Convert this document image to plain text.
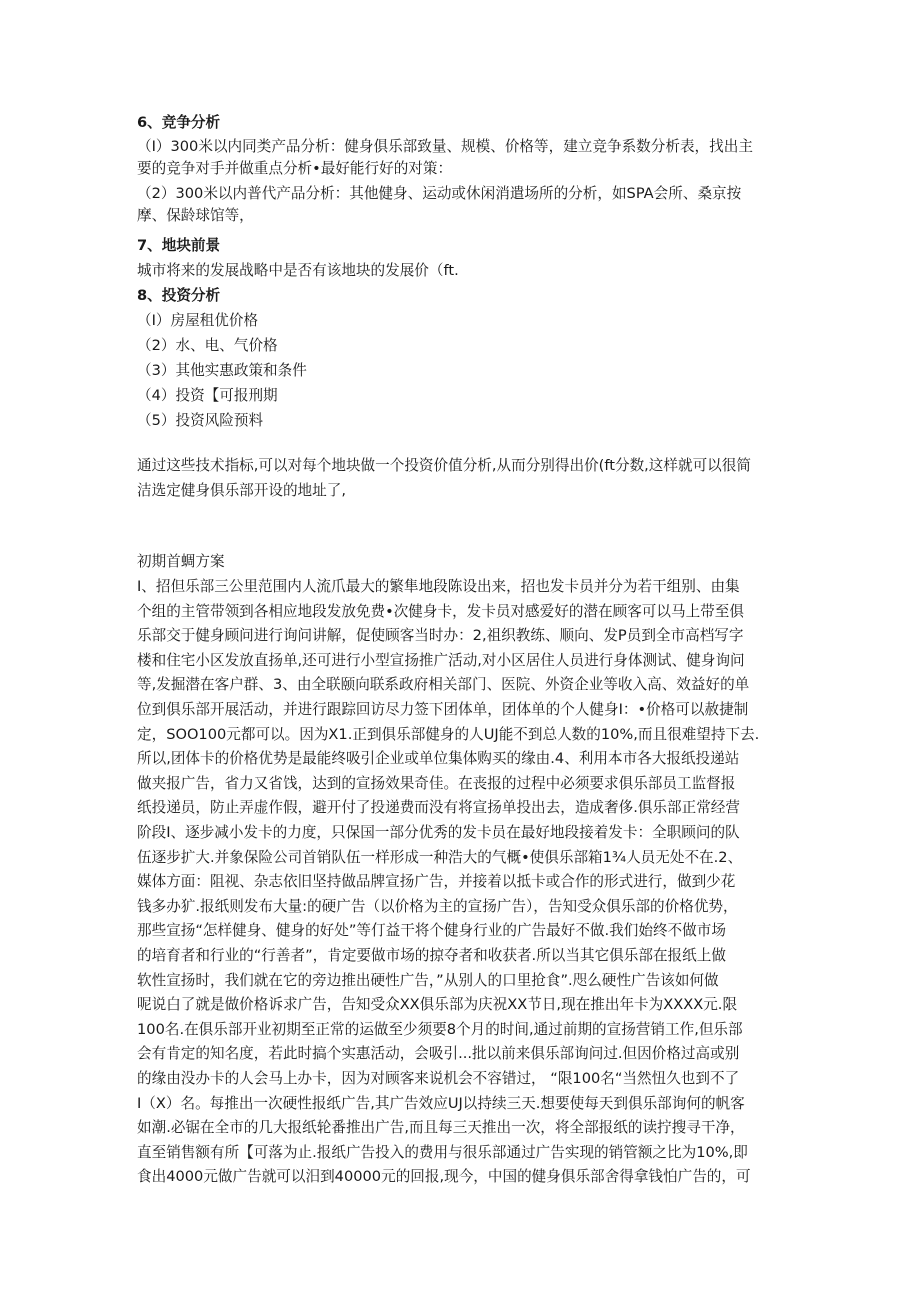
6、竞争分析
（I）300米以内同类产品分析：健身俱乐部致量、规模、价格等，建立竞争系数分析表，找出主
要的竞争对手并做重点分析•最好能行好的对策：
（2）300米以内普代产品分析：其他健身、运动或休闲消遣场所的分析，如SPA会所、桑京按
摩、保龄球馆等，
7、地块前景
城市将来的发展战略中是否有该地块的发展价（ft.
8、投资分析
（I）房屋租优价格
（2）水、电、气价格
（3）其他实惠政策和条件
（4）投资【可报刑期
（5）投资风险预料
通过这些技术指标,可以对每个地块做一个投资价值分析,从而分别得出价(ft分数,这样就可以很简
洁选定健身俱乐部开设的地址了,
初期首蜩方案
I、招但乐部三公里范围内人流爪最大的繁隼地段陈设出来，招也发卡员并分为若干组别、由集
个组的主管带领到各相应地段发放免费•次健身卡，发卡员对感爱好的潜在顾客可以马上带至俱
乐部交于健身顾问进行询问讲解，促使顾客当时办：2,祖织教练、顺向、发P员到全市高档写字
楼和住宅小区发放直扬单,还可进行小型宣扬推广活动,对小区居住人员进行身体测试、健身询问
等,发掘潜在客户群、3、由全联颐向联系政府相关部门、医院、外资企业等收入高、效益好的单
位到俱乐部开展活动，并进行跟踪回访尽力签下团体单，团体单的个人健身I：•价格可以赦捷制
定，SOO100元都可以。因为X1.正到俱乐部健身的人UJ能不到总人数的10%,而且很难望持下去.
所以,团体卡的价格优势是最能终吸引企业或单位集体购买的缘由.4、利用本市各大报纸投递站
做夹报广告，省力又省饯，达到的宣扬效果奇佳。在丧报的过程中必须要求俱乐部员工监督报
纸投递员，防止弄虚作假，避开付了投递费而没有将宣扬单投出去，造成奢侈.俱乐部正常经营
阶段I、逐步减小发卡的力度，只保国一部分优秀的发卡员在最好地段接着发卡：全职顾问的队
伍逐步扩大.并象保险公司首销队伍一样形成一种浩大的气概•使俱乐部箱1¾人员无处不在.2、
媒体方面：阻视、杂志依旧坚持做品牌宣扬广告，并接着以抵卡或合作的形式进行，做到少花
钱多办犷.报纸则发布大量:的硬广告（以价格为主的宣扬广告），告知受众俱乐部的价格优势，
那些宣扬“怎样健身、健身的好处”等仃益干将个健身行业的广告最好不做.我们始终不做市场
的培育者和行业的“行善者”，肯定要做市场的掠夺者和收获者.所以当其它俱乐部在报纸上做
软性宣扬时，我们就在它的旁边推出硬性广告，”从别人的口里抢食”.咫么硬性广告该如何做
呢说白了就是做价格诉求广告，告知受众XX俱乐部为庆祝XX节日,现在推出年卡为XXXX元.限
100名.在俱乐部开业初期至正常的运做至少须要8个月的时间,通过前期的宣扬营销工作,但乐部
会有肯定的知名度，若此时搞个实惠活动，会吸引...批以前来俱乐部询问过.但因价格过高或别
的缘由没办卡的人会马上办卡，因为对顾客来说机会不容错过， “限100名“当然忸久也到不了
I（X）名。每推出一次硬性报纸广告,其广告效应UJ以持续三天.想要使每天到俱乐部询何的帆客
如潮.必锯在全市的几大报纸轮番推出广告,而且每三天推出一次，将全部报纸的读拧搜寻干净，
直至销售额有所【可落为止.报纸广告投入的费用与很乐部通过广告实现的销管额之比为10%,即
食出4000元做广告就可以汨到40000元的回报,现今，中国的健身俱乐部舍得拿钱怕广告的，可
